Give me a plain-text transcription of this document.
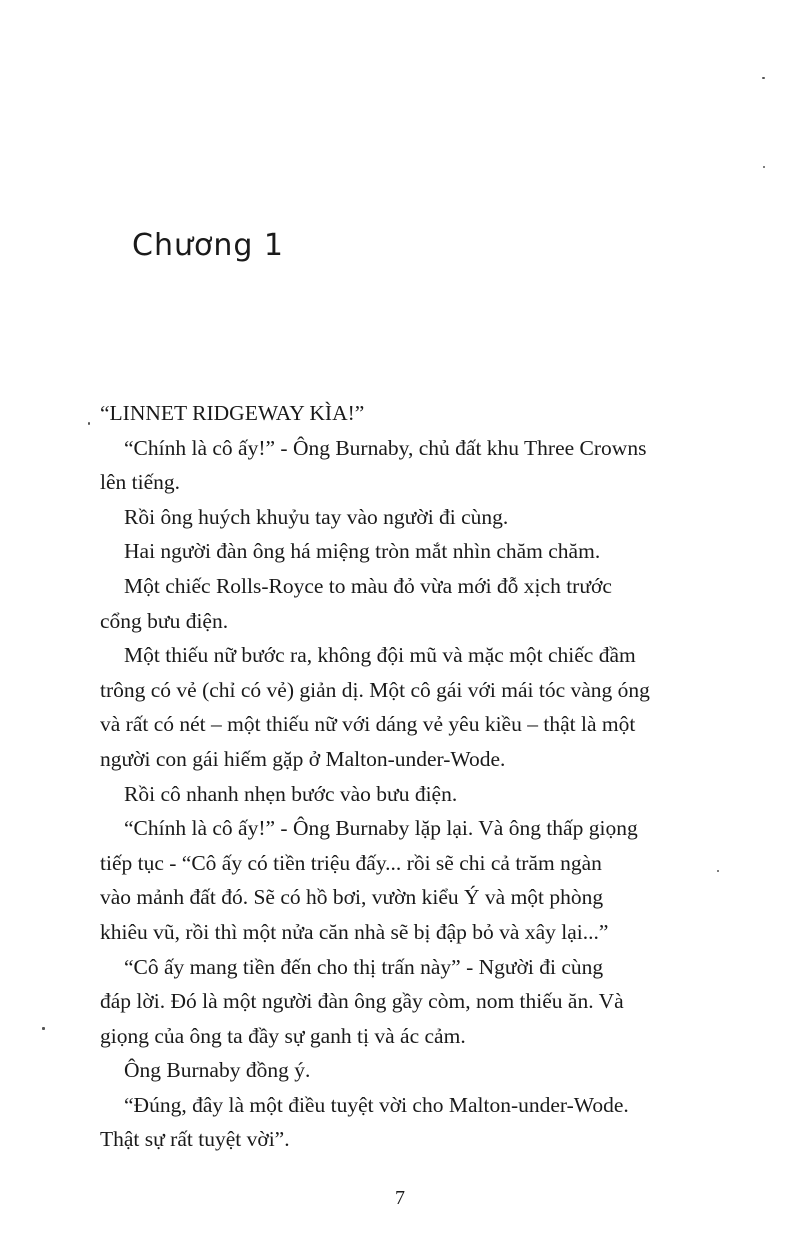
Chương 1
“LINNET RIDGEWAY KÌA!”
“Chính là cô ấy!” - Ông Burnaby, chủ đất khu Three Crowns
lên tiếng.
Rồi ông huých khuỷu tay vào người đi cùng.
Hai người đàn ông há miệng tròn mắt nhìn chăm chăm.
Một chiếc Rolls-Royce to màu đỏ vừa mới đỗ xịch trước
cổng bưu điện.
Một thiếu nữ bước ra, không đội mũ và mặc một chiếc đầm
trông có vẻ (chỉ có vẻ) giản dị. Một cô gái với mái tóc vàng óng
và rất có nét – một thiếu nữ với dáng vẻ yêu kiều – thật là một
người con gái hiếm gặp ở Malton-under-Wode.
Rồi cô nhanh nhẹn bước vào bưu điện.
“Chính là cô ấy!” - Ông Burnaby lặp lại. Và ông thấp giọng
tiếp tục - “Cô ấy có tiền triệu đấy... rồi sẽ chi cả trăm ngàn
vào mảnh đất đó. Sẽ có hồ bơi, vườn kiểu Ý và một phòng
khiêu vũ, rồi thì một nửa căn nhà sẽ bị đập bỏ và xây lại...”
“Cô ấy mang tiền đến cho thị trấn này” - Người đi cùng
đáp lời. Đó là một người đàn ông gầy còm, nom thiếu ăn. Và
giọng của ông ta đầy sự ganh tị và ác cảm.
Ông Burnaby đồng ý.
“Đúng, đây là một điều tuyệt vời cho Malton-under-Wode.
Thật sự rất tuyệt vời”.
7
